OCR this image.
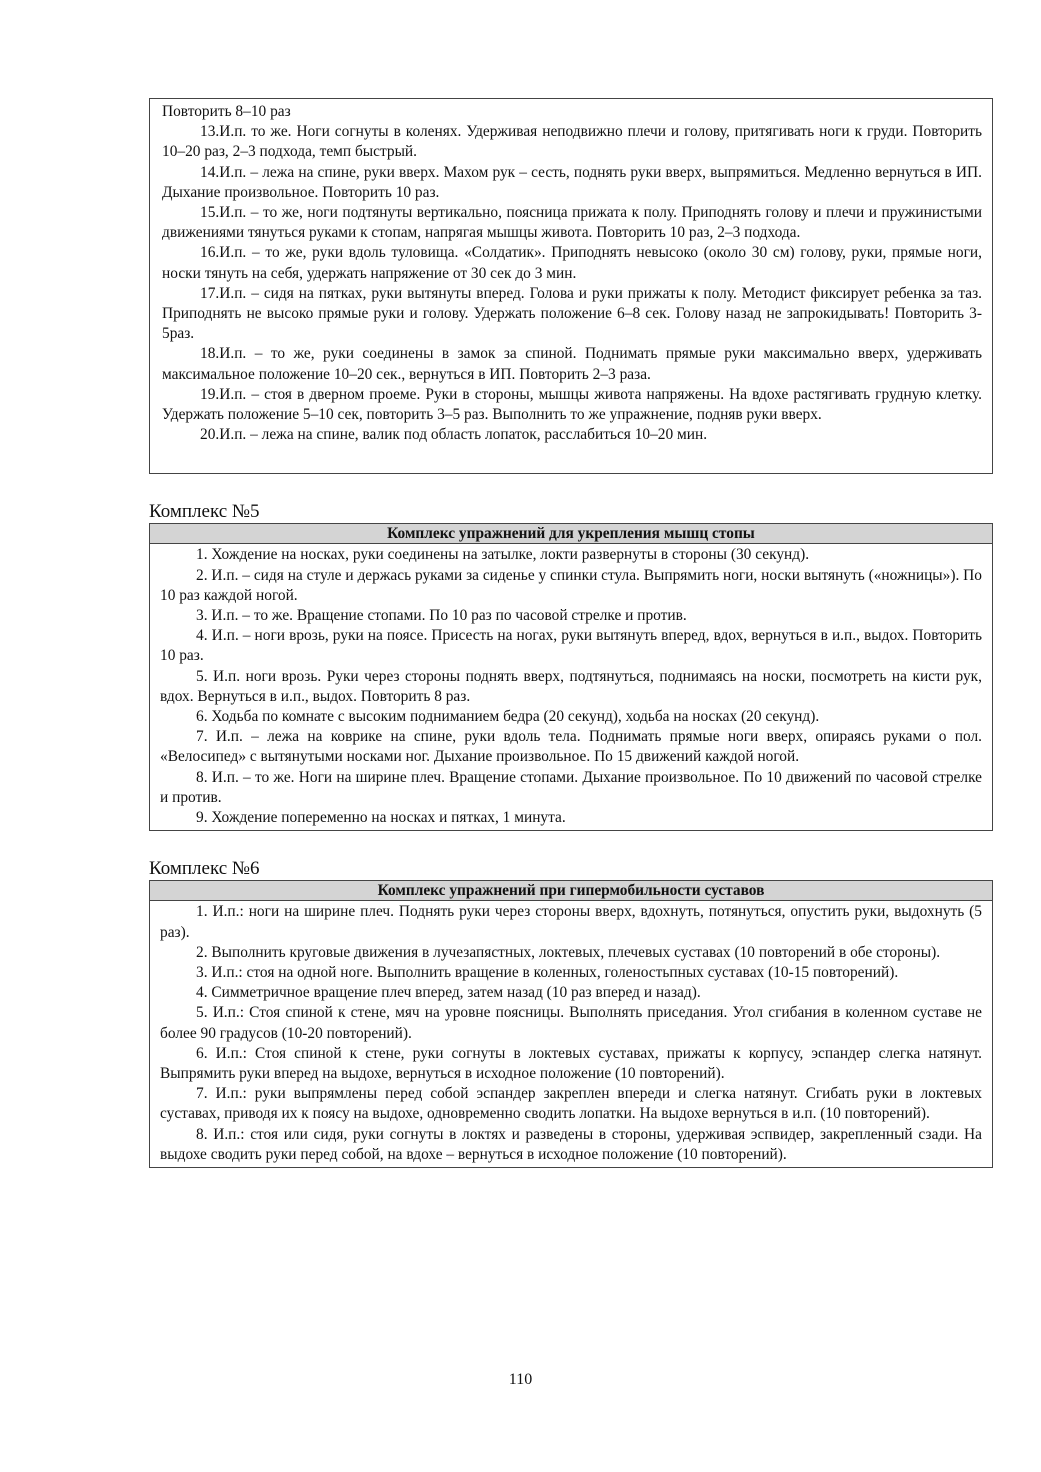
Повторить 8–10 раз

13.И.п. то же. Ноги согнуты в коленях. Удерживая неподвижно плечи и голову, притягивать ноги к груди. Повторить 10–20 раз, 2–3 подхода, темп быстрый.

14.И.п. – лежа на спине, руки вверх. Махом рук – сесть, поднять руки вверх, выпрямиться. Медленно вернуться в ИП. Дыхание произвольное. Повторить 10 раз.

15.И.п. – то же, ноги подтянуты вертикально, поясница прижата к полу. Приподнять голову и плечи и пружинистыми движениями тянуться руками к стопам, напрягая мышцы живота. Повторить 10 раз, 2–3 подхода.

16.И.п. – то же, руки вдоль туловища. «Солдатик». Приподнять невысоко (около 30 см) голову, руки, прямые ноги, носки тянуть на себя, удержать напряжение от 30 сек до 3 мин.

17.И.п. – сидя на пятках, руки вытянуты вперед. Голова и руки прижаты к полу. Методист фиксирует ребенка за таз. Приподнять не высоко прямые руки и голову. Удержать положение 6–8 сек. Голову назад не запрокидывать! Повторить 3-5раз.

18.И.п. – то же, руки соединены в замок за спиной. Поднимать прямые руки максимально вверх, удерживать максимальное положение 10–20 сек., вернуться в ИП. Повторить 2–3 раза.

19.И.п. – стоя в дверном проеме. Руки в стороны, мышцы живота напряжены. На вдохе растягивать грудную клетку. Удержать положение 5–10 сек, повторить 3–5 раз. Выполнить то же упражнение, подняв руки вверх.

20.И.п. – лежа на спине, валик под область лопаток, расслабиться 10–20 мин.

Комплекс №5
Комплекс упражнений для укрепления мышц стопы

1. Хождение на носках, руки соединены на затылке, локти развернуты в стороны (30 секунд).

2. И.п. – сидя на стуле и держась руками за сиденье у спинки стула. Выпрямить ноги, носки вытянуть («ножницы»). По 10 раз каждой ногой.

3. И.п. – то же. Вращение стопами. По 10 раз по часовой стрелке и против.

4. И.п. – ноги врозь, руки на поясе. Присесть на ногах, руки вытянуть вперед, вдох, вернуться в и.п., выдох. Повторить 10 раз.

5. И.п. ноги врозь. Руки через стороны поднять вверх, подтянуться, поднимаясь на носки, посмотреть на кисти рук, вдох. Вернуться в и.п., выдох. Повторить 8 раз.

6. Ходьба по комнате с высоким подниманием бедра (20 секунд), ходьба на носках (20 секунд).

7. И.п. – лежа на коврике на спине, руки вдоль тела. Поднимать прямые ноги вверх, опираясь руками о пол. «Велосипед» с вытянутыми носками ног. Дыхание произвольное. По 15 движений каждой ногой.

8. И.п. – то же. Ноги на ширине плеч. Вращение стопами. Дыхание произвольное. По 10 движений по часовой стрелке и против.

9. Хождение попеременно на носках и пятках, 1 минута.

Комплекс №6
Комплекс упражнений при гипермобильности суставов

1. И.п.: ноги на ширине плеч. Поднять руки через стороны вверх, вдохнуть, потянуться, опустить руки, выдохнуть (5 раз).

2. Выполнить круговые движения в лучезапястных, локтевых, плечевых суставах (10 повторений в обе стороны).

3. И.п.: стоя на одной ноге. Выполнить вращение в коленных, голеностьпных суставах (10-15 повторений).

4. Симметричное вращение плеч вперед, затем назад (10 раз вперед и назад).

5. И.п.: Стоя спиной к стене, мяч на уровне поясницы. Выполнять приседания. Угол сгибания в коленном суставе не более 90 градусов (10-20 повторений).

6. И.п.: Стоя спиной к стене, руки согнуты в локтевых суставах, прижаты к корпусу, эспандер слегка натянут. Выпрямить руки вперед на выдохе, вернуться в исходное положение (10 повторений).

7. И.п.: руки выпрямлены перед собой эспандер закреплен впереди и слегка натянут. Сгибать руки в локтевых суставах, приводя их к поясу на выдохе, одновременно сводить лопатки. На выдохе вернуться в и.п. (10 повторений).

8. И.п.: стоя или сидя, руки согнуты в локтях и разведены в стороны, удерживая эспвидер, закрепленный сзади. На выдохе сводить руки перед собой, на вдохе – вернуться в исходное положение (10 повторений).

110
